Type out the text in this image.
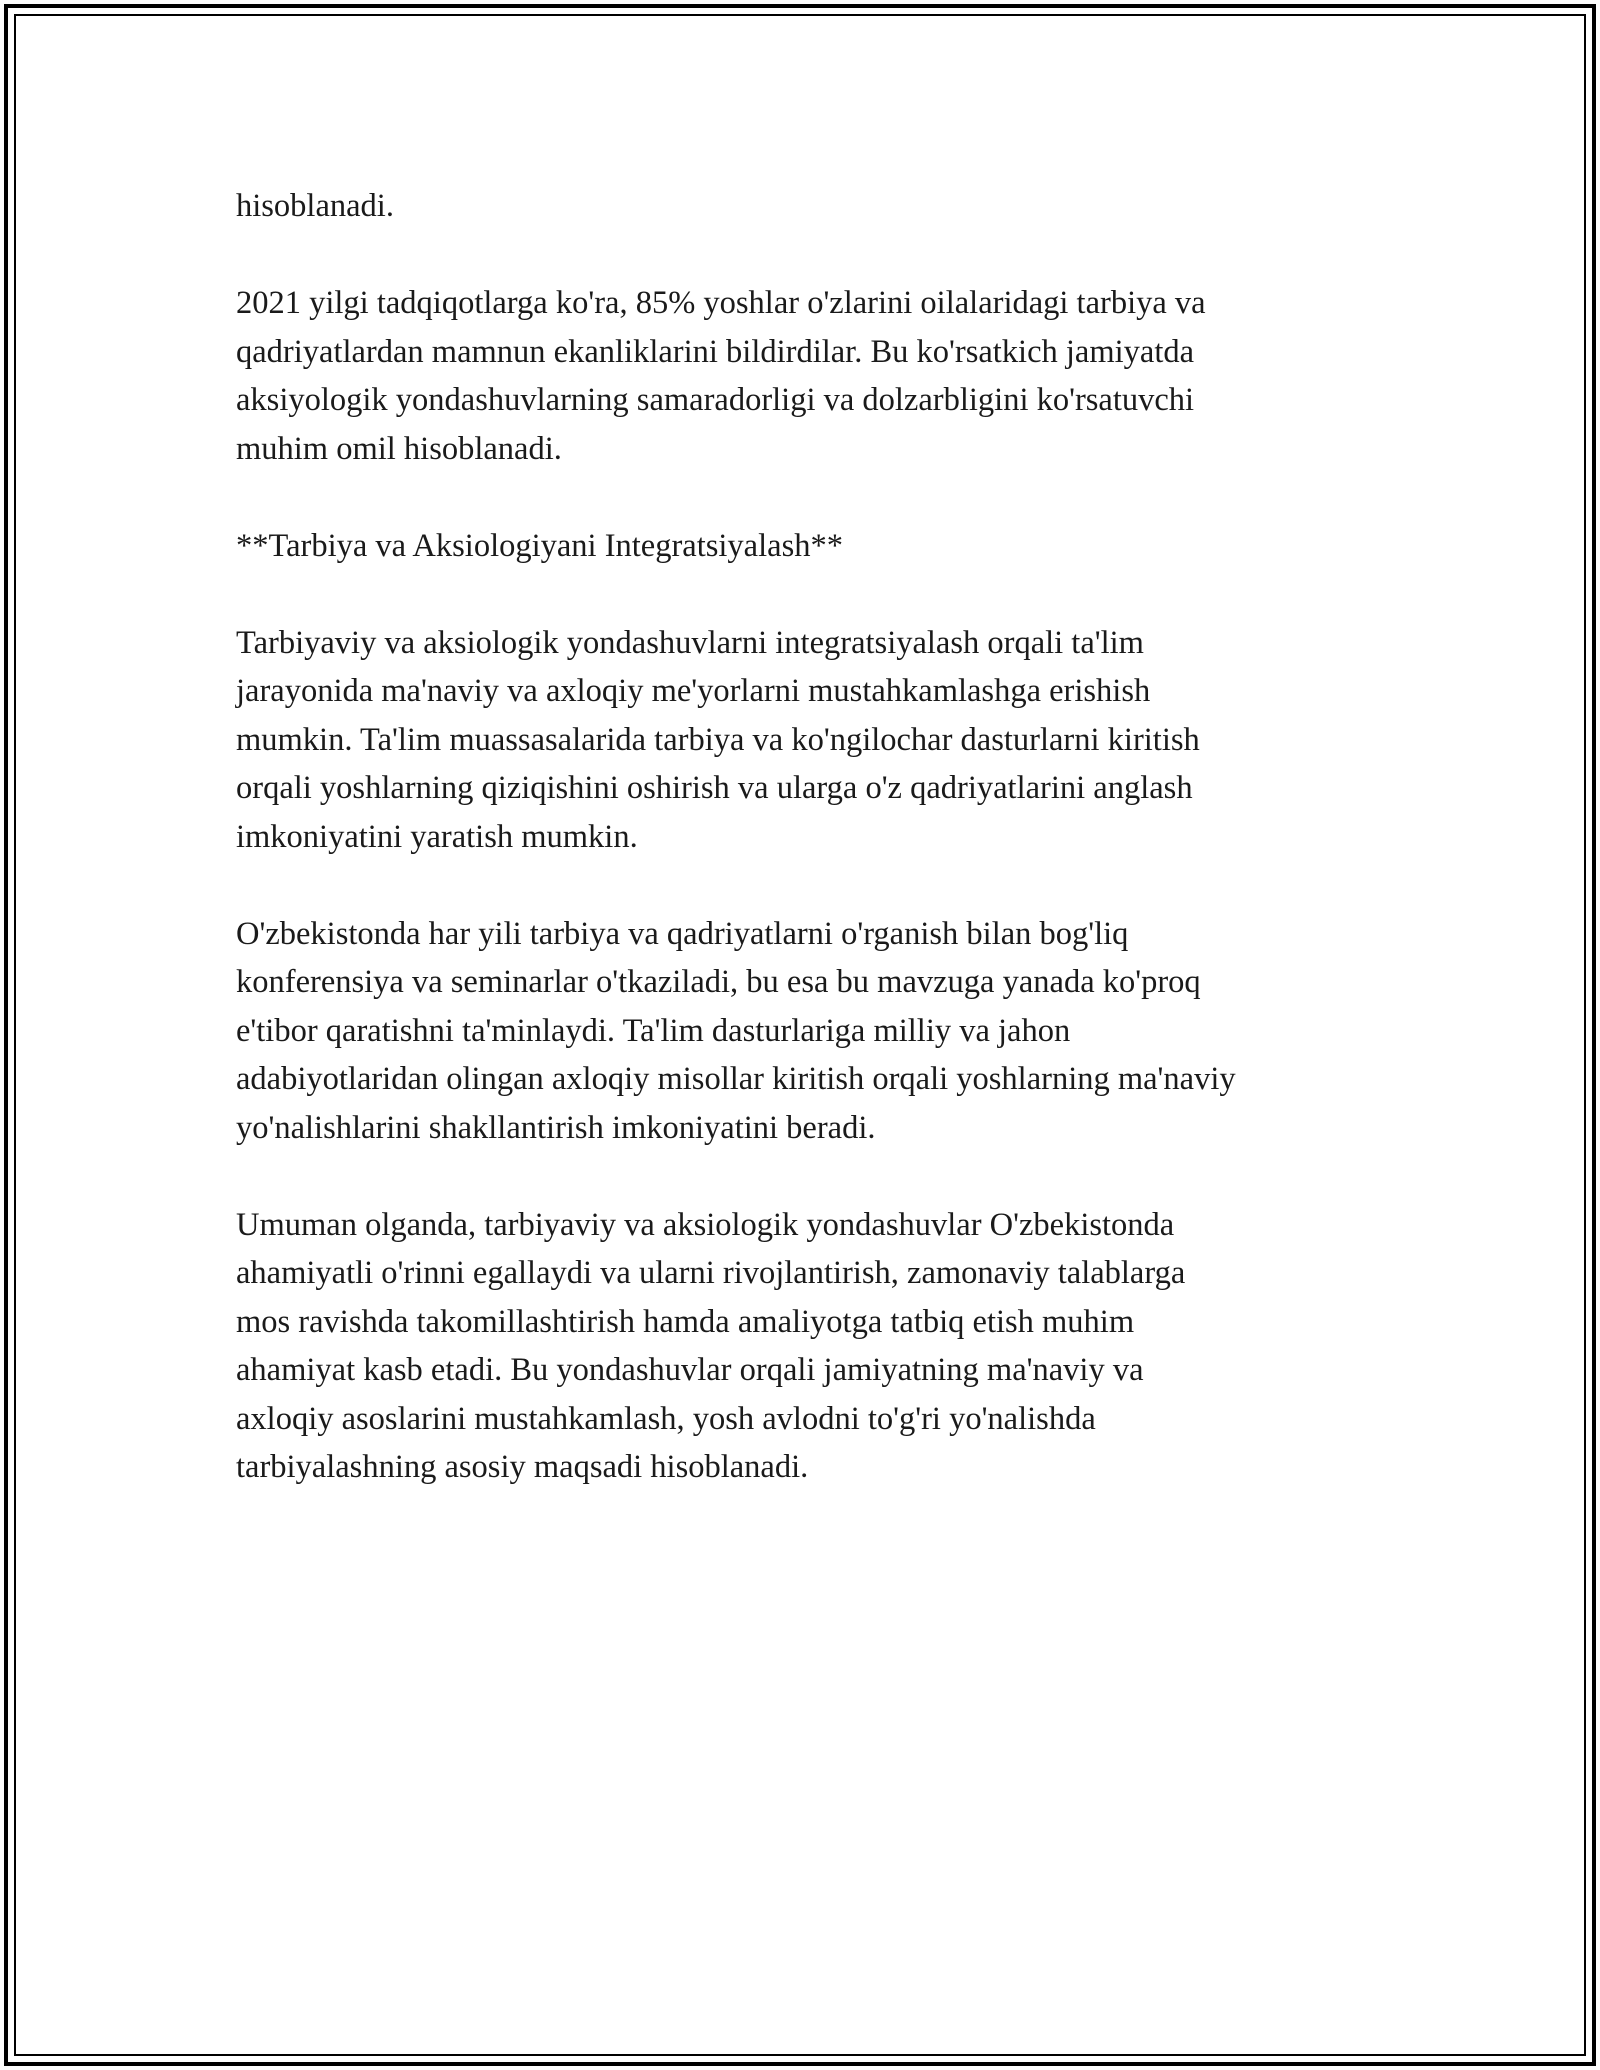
hisoblanadi.

2021 yilgi tadqiqotlarga ko'ra, 85% yoshlar o'zlarini oilalaridagi tarbiya va
qadriyatlardan mamnun ekanliklarini bildirdilar. Bu ko'rsatkich jamiyatda
aksiyologik yondashuvlarning samaradorligi va dolzarbligini ko'rsatuvchi
muhim omil hisoblanadi.

**Tarbiya va Aksiologiyani Integratsiyalash**

Tarbiyaviy va aksiologik yondashuvlarni integratsiyalash orqali ta'lim
jarayonida ma'naviy va axloqiy me'yorlarni mustahkamlashga erishish
mumkin. Ta'lim muassasalarida tarbiya va ko'ngilochar dasturlarni kiritish
orqali yoshlarning qiziqishini oshirish va ularga o'z qadriyatlarini anglash
imkoniyatini yaratish mumkin.

O'zbekistonda har yili tarbiya va qadriyatlarni o'rganish bilan bog'liq
konferensiya va seminarlar o'tkaziladi, bu esa bu mavzuga yanada ko'proq
e'tibor qaratishni ta'minlaydi. Ta'lim dasturlariga milliy va jahon
adabiyotlaridan olingan axloqiy misollar kiritish orqali yoshlarning ma'naviy
yo'nalishlarini shakllantirish imkoniyatini beradi.

Umuman olganda, tarbiyaviy va aksiologik yondashuvlar O'zbekistonda
ahamiyatli o'rinni egallaydi va ularni rivojlantirish, zamonaviy talablarga
mos ravishda takomillashtirish hamda amaliyotga tatbiq etish muhim
ahamiyat kasb etadi. Bu yondashuvlar orqali jamiyatning ma'naviy va
axloqiy asoslarini mustahkamlash, yosh avlodni to'g'ri yo'nalishda
tarbiyalashning asosiy maqsadi hisoblanadi.
